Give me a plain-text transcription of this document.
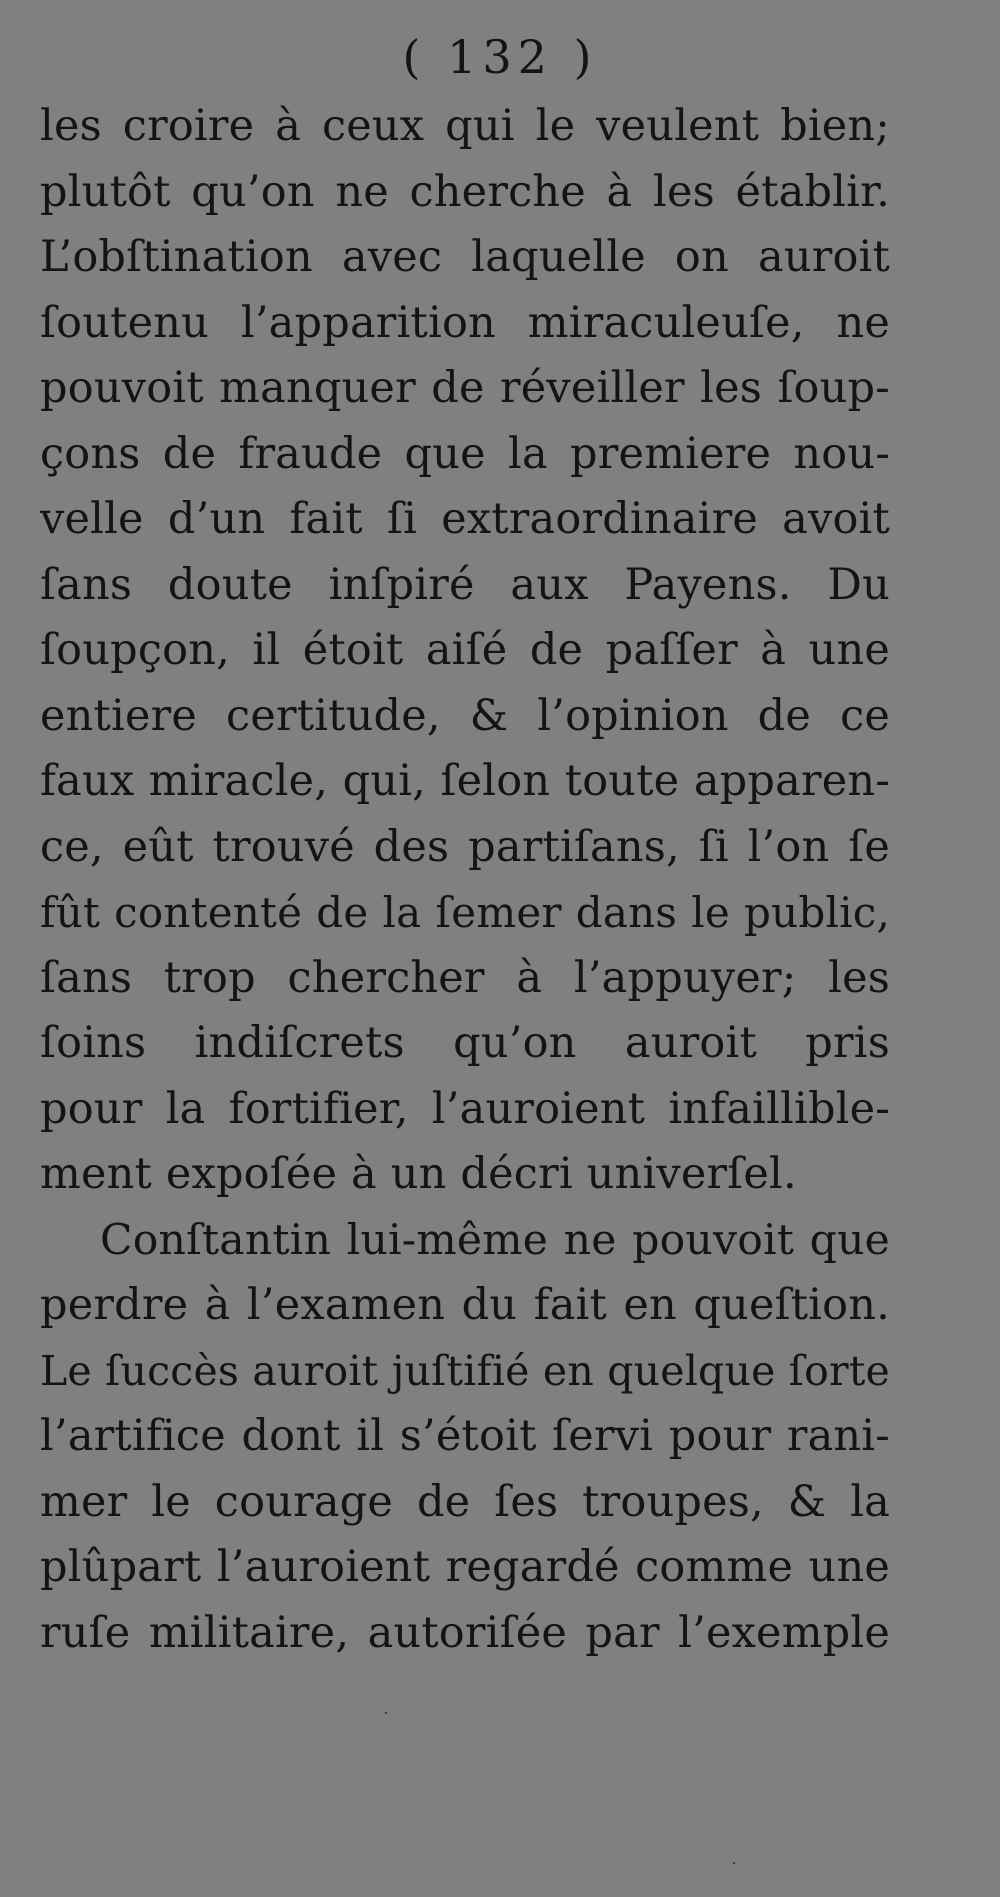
( 132 )
les croire à ceux qui le veulent bien;
plutôt qu’on ne cherche à les établir.
L’obſtination avec laquelle on auroit
ſoutenu l’apparition miraculeuſe, ne
pouvoit manquer de réveiller les ſoup-
çons de fraude que la premiere nou-
velle d’un fait ſi extraordinaire avoit
ſans doute inſpiré aux Payens. Du
ſoupçon, il étoit aiſé de paſſer à une
entiere certitude, & l’opinion de ce
faux miracle, qui, ſelon toute apparen-
ce, eût trouvé des partiſans, ſi l’on ſe
fût contenté de la ſemer dans le public,
ſans trop chercher à l’appuyer; les
ſoins indiſcrets qu’on auroit pris
pour la fortifier, l’auroient infaillible-
ment expoſée à un décri univerſel.
Conſtantin lui-même ne pouvoit que
perdre à l’examen du fait en queſtion.
Le ſuccès auroit juſtifié en quelque ſorte
l’artifice dont il s’étoit ſervi pour rani-
mer le courage de ſes troupes, & la
plûpart l’auroient regardé comme une
ruſe militaire, autoriſée par l’exemple
